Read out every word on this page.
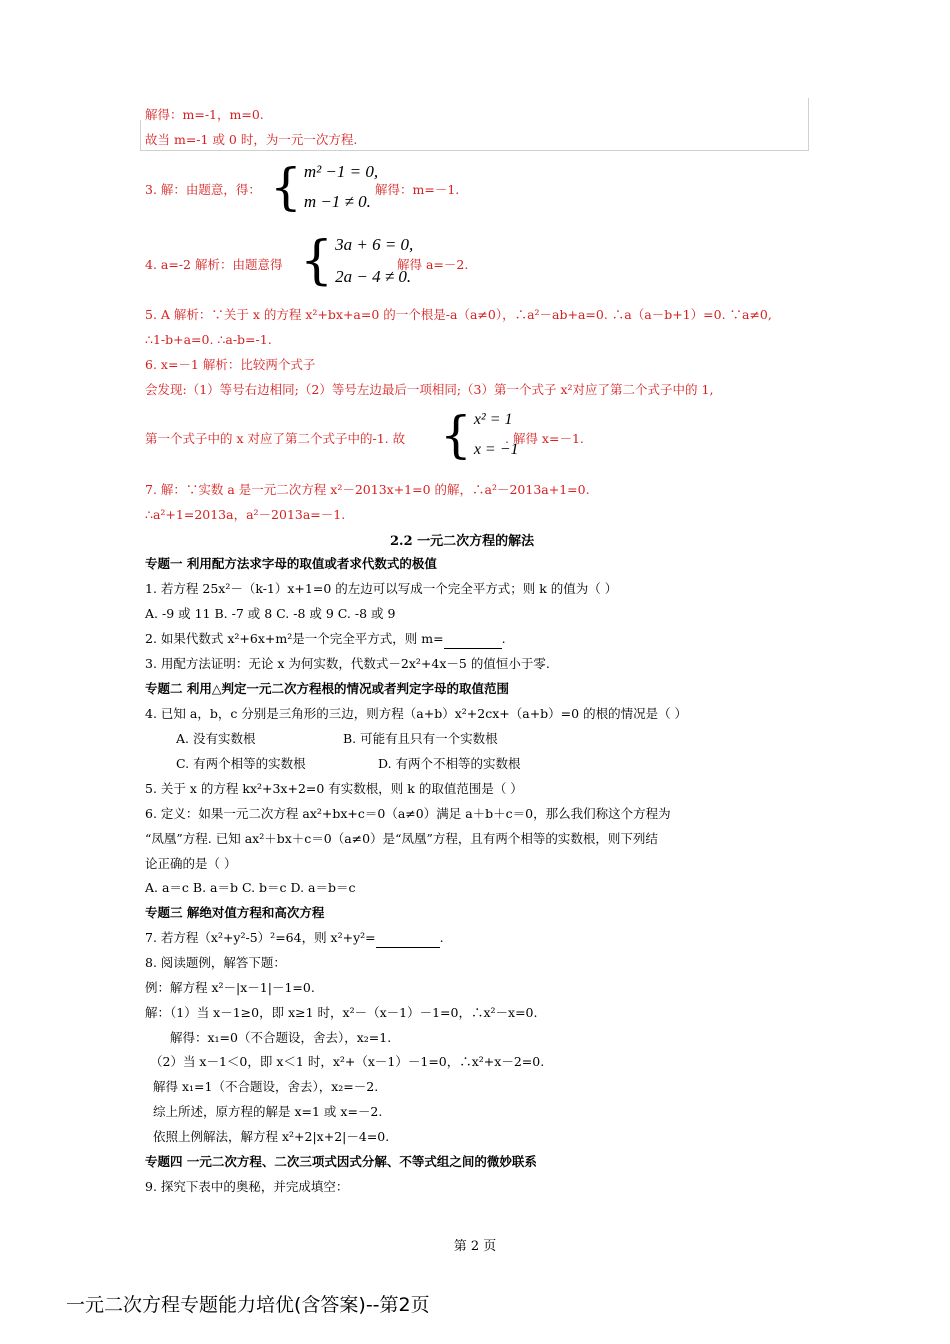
解得：m=-1，m=0.
故当 m=-1 或 0 时，为一元一次方程.
3. 解：由题意，得： { m² −1 = 0,
m −1 ≠ 0.
解得：m=－1.
4. a=-2 解析：由题意得 { 3a + 6 = 0,
2a − 4 ≠ 0.
解得 a=－2.
5. A 解析：∵关于 x 的方程 x²+bx+a=0 的一个根是-a（a≠0），∴a²－ab+a=0. ∴a（a－b+1）=0. ∵a≠0,
∴1-b+a=0. ∴a-b=-1.
6. x=－1 解析：比较两个式子
会发现:（1）等号右边相同;（2）等号左边最后一项相同;（3）第一个式子 x²对应了第二个式子中的 1,
第一个式子中的 x 对应了第二个式子中的-1. 故 { x² = 1
x = −1
. 解得 x=－1.
7. 解：∵实数 a 是一元二次方程 x²－2013x+1=0 的解，∴a²－2013a+1=0.
∴a²+1=2013a，a²－2013a=－1.
2.2 一元二次方程的解法
专题一 利用配方法求字母的取值或者求代数式的极值
1. 若方程 25x²－（k-1）x+1=0 的左边可以写成一个完全平方式；则 k 的值为（ ）
A. -9 或 11 B. -7 或 8 C. -8 或 9 C. -8 或 9
2. 如果代数式 x²+6x+m²是一个完全平方式，则 m=	.
3. 用配方法证明：无论 x 为何实数，代数式－2x²+4x－5 的值恒小于零.
专题二 利用△判定一元二次方程根的情况或者判定字母的取值范围
4. 已知 a，b，c 分别是三角形的三边，则方程（a+b）x²+2cx+（a+b）=0 的根的情况是（ ）
A. 没有实数根	B. 可能有且只有一个实数根
C. 有两个相等的实数根	D. 有两个不相等的实数根
5. 关于 x 的方程 kx²+3x+2=0 有实数根，则 k 的取值范围是（ ）
6. 定义：如果一元二次方程 ax²+bx+c＝0（a≠0）满足 a＋b＋c＝0，那么我们称这个方程为
“凤凰”方程. 已知 ax²＋bx＋c＝0（a≠0）是“凤凰”方程，且有两个相等的实数根，则下列结
论正确的是（ ）
A. a＝c B. a＝b C. b＝c D. a＝b＝c
专题三 解绝对值方程和高次方程
7. 若方程（x²+y²-5）²=64，则 x²+y²=	.
8. 阅读题例，解答下题：
例：解方程 x²－|x－1|－1=0.
解：（1）当 x－1≥0，即 x≥1 时，x²－（x－1）－1=0，∴x²－x=0.
解得：x₁=0（不合题设，舍去），x₂=1.
（2）当 x－1＜0，即 x＜1 时，x²+（x－1）－1=0，∴x²+x－2=0.
解得 x₁=1（不合题设，舍去），x₂=－2.
综上所述，原方程的解是 x=1 或 x=－2.
依照上例解法，解方程 x²+2|x+2|－4=0.
专题四 一元二次方程、二次三项式因式分解、不等式组之间的微妙联系
9. 探究下表中的奥秘，并完成填空：
第 2 页
一元二次方程专题能力培优(含答案)--第2页
